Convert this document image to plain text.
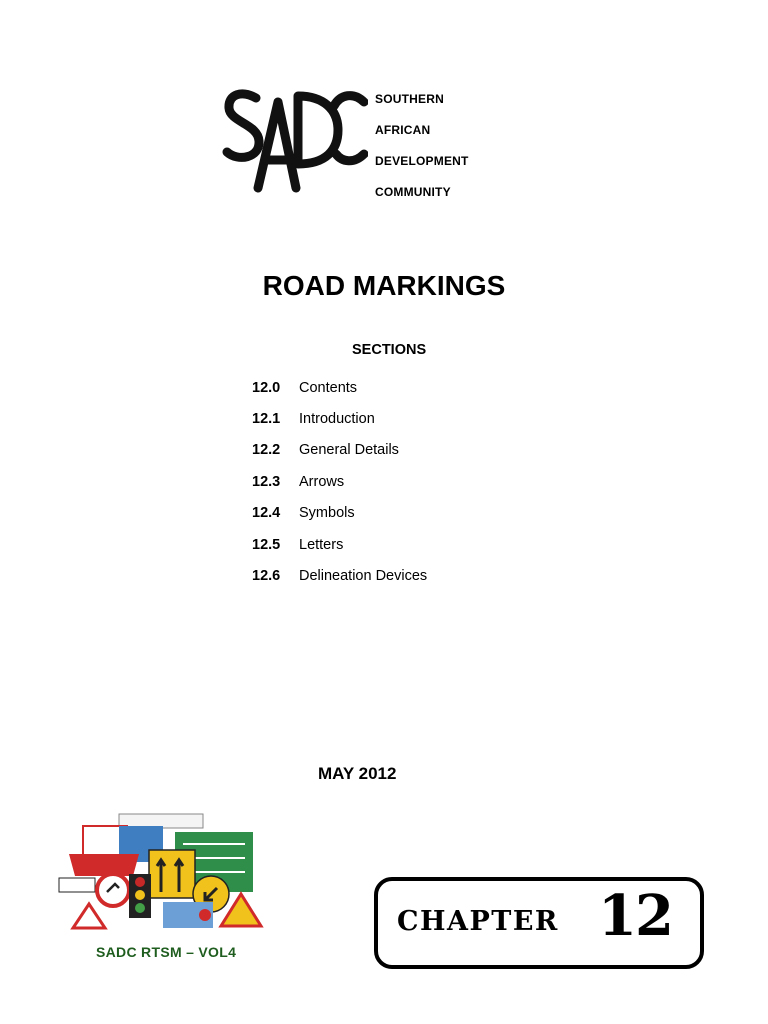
SOUTHERN
AFRICAN
DEVELOPMENT
COMMUNITY
ROAD MARKINGS
SECTIONS
12.0	Contents
12.1	Introduction
12.2	General Details
12.3	Arrows
12.4	Symbols
12.5	Letters
12.6	Delineation Devices
MAY 2012
SADC RTSM – VOL4
CHAPTER 12
